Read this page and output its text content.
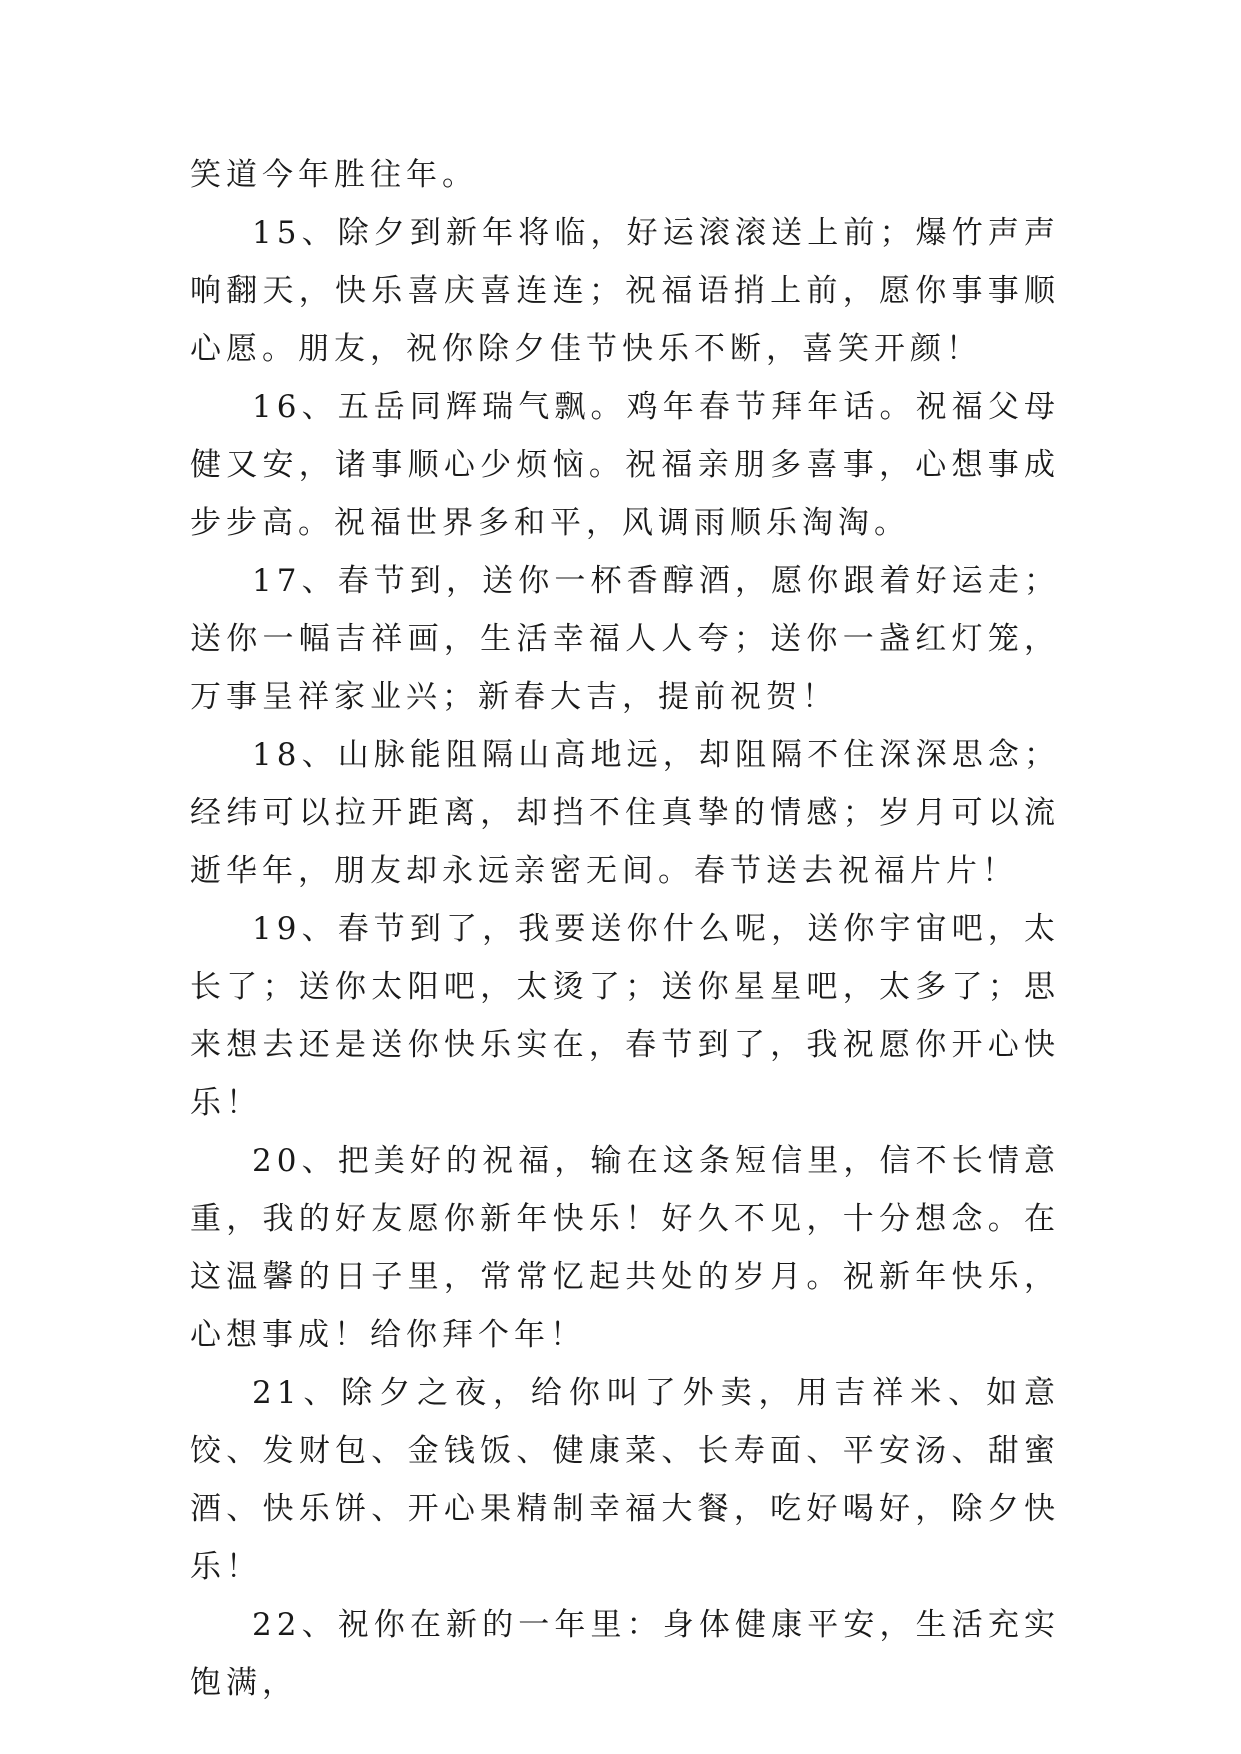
笑道今年胜往年。

15、除夕到新年将临，好运滚滚送上前；爆竹声声响翻天，快乐喜庆喜连连；祝福语捎上前，愿你事事顺心愿。朋友，祝你除夕佳节快乐不断，喜笑开颜！

16、五岳同辉瑞气飘。鸡年春节拜年话。祝福父母健又安，诸事顺心少烦恼。祝福亲朋多喜事，心想事成步步高。祝福世界多和平，风调雨顺乐淘淘。

17、春节到，送你一杯香醇酒，愿你跟着好运走；送你一幅吉祥画，生活幸福人人夸；送你一盏红灯笼，万事呈祥家业兴；新春大吉，提前祝贺！

18、山脉能阻隔山高地远，却阻隔不住深深思念；经纬可以拉开距离，却挡不住真挚的情感；岁月可以流逝华年，朋友却永远亲密无间。春节送去祝福片片！

19、春节到了，我要送你什么呢，送你宇宙吧，太长了；送你太阳吧，太烫了；送你星星吧，太多了；思来想去还是送你快乐实在，春节到了，我祝愿你开心快乐！

20、把美好的祝福，输在这条短信里，信不长情意重，我的好友愿你新年快乐！好久不见，十分想念。在这温馨的日子里，常常忆起共处的岁月。祝新年快乐，心想事成！给你拜个年！

21、除夕之夜，给你叫了外卖，用吉祥米、如意饺、发财包、金钱饭、健康菜、长寿面、平安汤、甜蜜酒、快乐饼、开心果精制幸福大餐，吃好喝好，除夕快乐！

22、祝你在新的一年里：身体健康平安，生活充实饱满，
